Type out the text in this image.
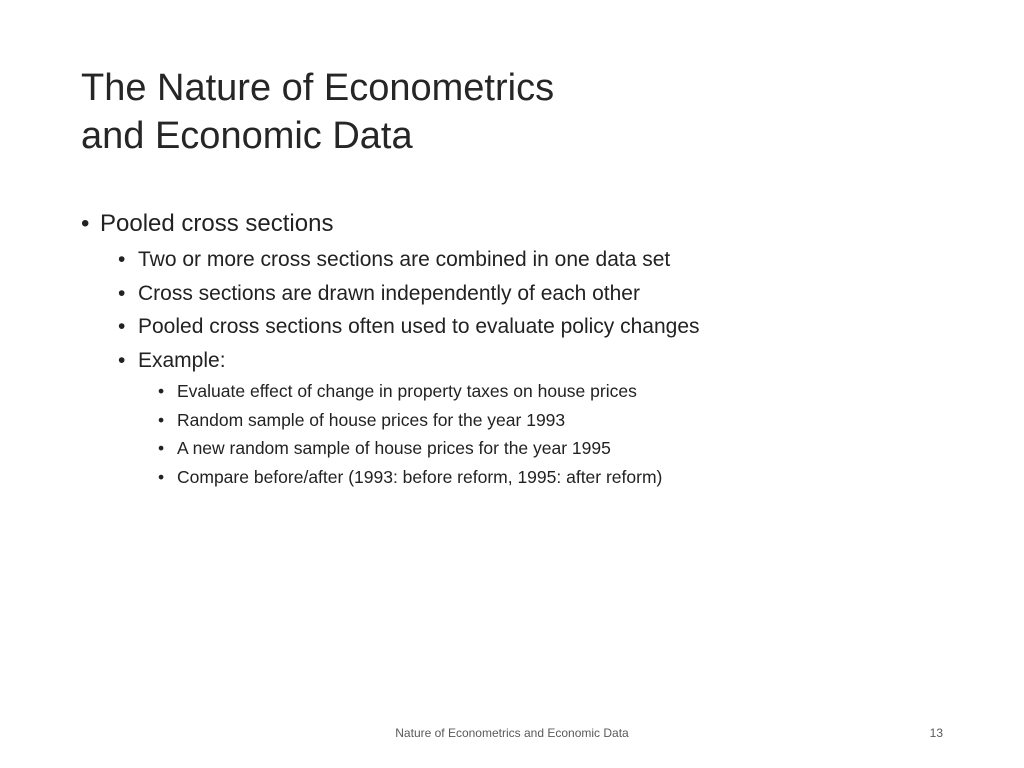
The Nature of Econometrics
and Economic Data
• Pooled cross sections
• Two or more cross sections are combined in one data set
• Cross sections are drawn independently of each other
• Pooled cross sections often used to evaluate policy changes
• Example:
• Evaluate effect of change in property taxes on house prices
• Random sample of house prices for the year 1993
• A new random sample of house prices for the year 1995
• Compare before/after (1993: before reform, 1995: after reform)
Nature of Econometrics and Economic Data	13
